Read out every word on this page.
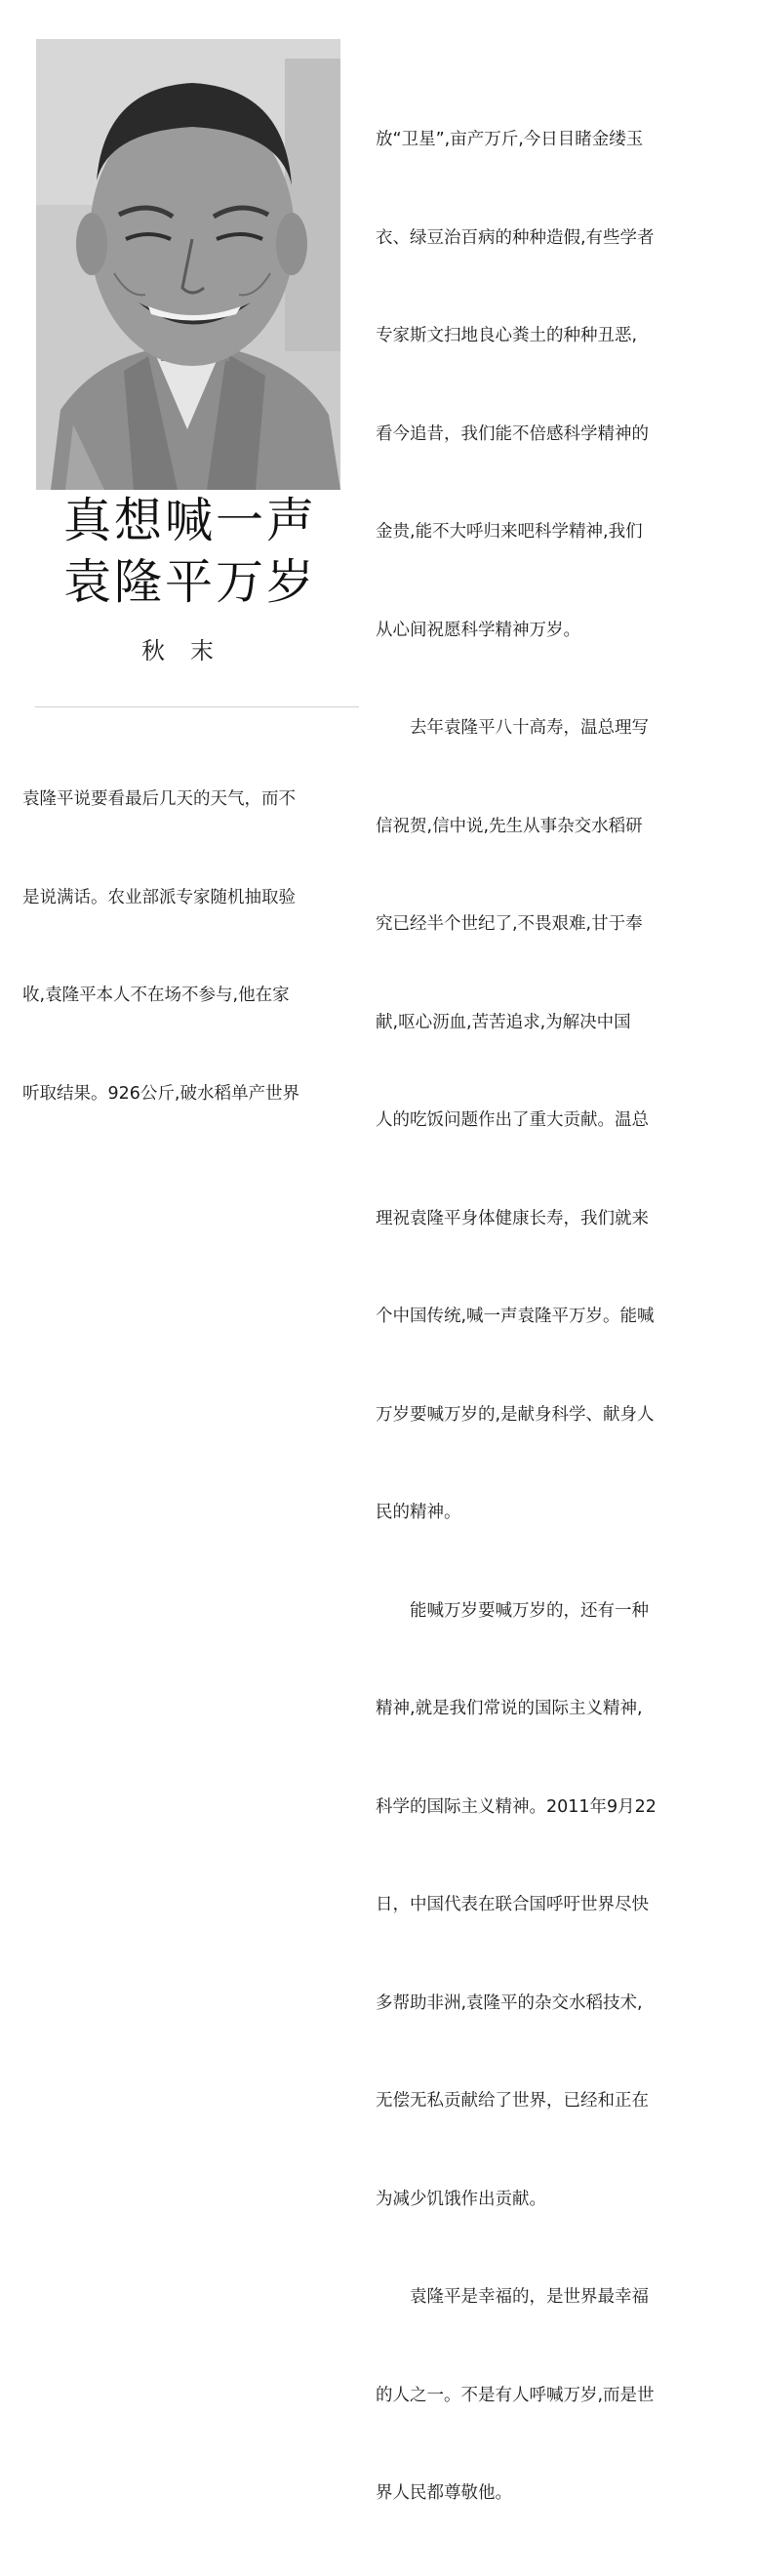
真想喊一声
袁隆平万岁
秋末

袁隆平说要看最后几天的天气，而不

是说满话。农业部派专家随机抽取验

收,袁隆平本人不在场不参与,他在家

听取结果。926公斤,破水稻单产世界

放“卫星”,亩产万斤,今日目睹金缕玉

衣、绿豆治百病的种种造假,有些学者

专家斯文扫地良心粪土的种种丑恶,

看今追昔，我们能不倍感科学精神的

金贵,能不大呼归来吧科学精神,我们

从心间祝愿科学精神万岁。

　　去年袁隆平八十高寿，温总理写

信祝贺,信中说,先生从事杂交水稻研

究已经半个世纪了,不畏艰难,甘于奉

献,呕心沥血,苦苦追求,为解决中国

人的吃饭问题作出了重大贡献。温总

理祝袁隆平身体健康长寿，我们就来

个中国传统,喊一声袁隆平万岁。能喊

万岁要喊万岁的,是献身科学、献身人

民的精神。

　　能喊万岁要喊万岁的，还有一种

精神,就是我们常说的国际主义精神,

科学的国际主义精神。2011年9月22

日，中国代表在联合国呼吁世界尽快

多帮助非洲,袁隆平的杂交水稻技术,

无偿无私贡献给了世界，已经和正在

为减少饥饿作出贡献。

　　袁隆平是幸福的，是世界最幸福

的人之一。不是有人呼喊万岁,而是世

界人民都尊敬他。
